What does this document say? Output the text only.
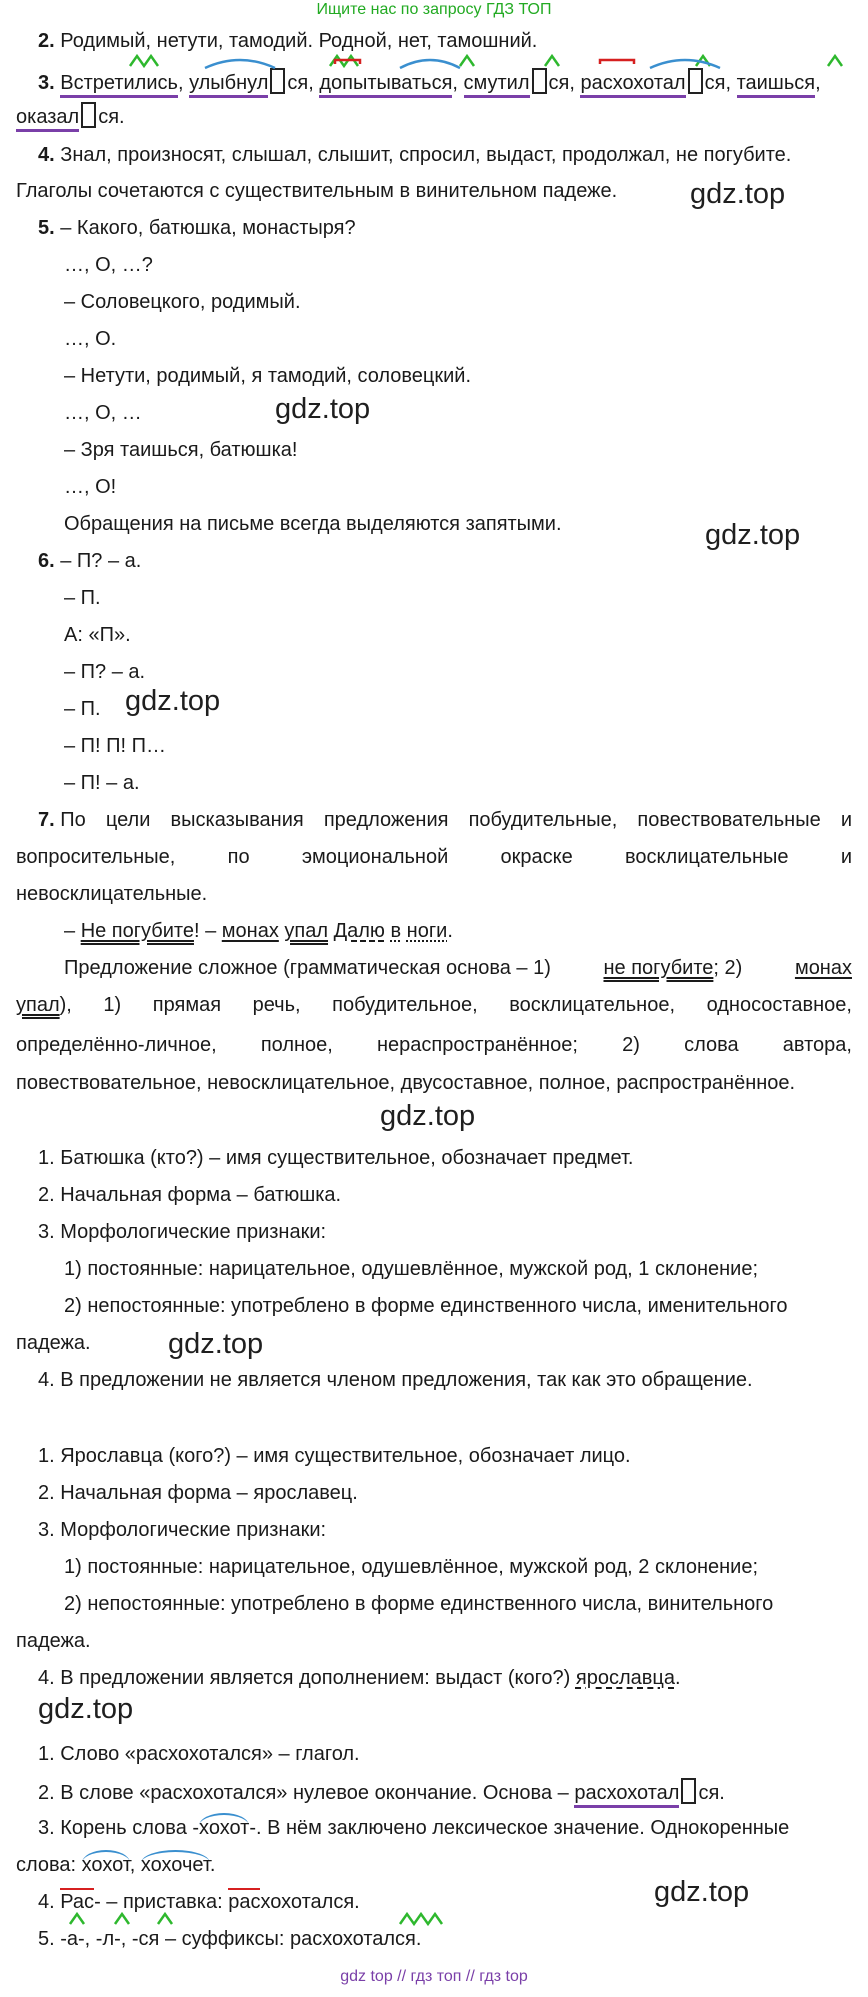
Ищите нас по запросу ГДЗ ТОП
2. Родимый, нетути, тамодий. Родной, нет, тамошний.
3. Встретились, улыбнул ся, допытываться, смутил ся, расхохотал ся, таишься,
оказал ся.
4. Знал, произносят, слышал, слышит, спросил, выдаст, продолжал, не погубите.
Глаголы сочетаются с существительным в винительном падеже.
5. – Какого, батюшка, монастыря?
…, О, …?
– Соловецкого, родимый.
…, О.
– Нетути, родимый, я тамодий, соловецкий.
…, О, …
– Зря таишься, батюшка!
…, О!
Обращения на письме всегда выделяются запятыми.
6. – П? – а.
– П.
А: «П».
– П? – а.
– П.
– П! П! П…
– П! – а.
7. По цели высказывания предложения побудительные, повествовательные и
вопросительные,	по	эмоциональной	окраске	восклицательные	и
невосклицательные.
– Не погубите! – монах упал Далю в ноги.
Предложение сложное (грамматическая основа – 1)	не погубите; 2)	монах
упал), 1) прямая речь, побудительное, восклицательное, односоставное,
определённо-личное, полное, нераспространённое; 2) слова автора,
повествовательное, невосклицательное, двусоставное, полное, распространённое.
1. Батюшка (кто?) – имя существительное, обозначает предмет.
2. Начальная форма – батюшка.
3. Морфологические признаки:
1) постоянные: нарицательное, одушевлённое, мужской род, 1 склонение;
2) непостоянные: употреблено в форме единственного числа, именительного
падежа.
4. В предложении не является членом предложения, так как это обращение.
1. Ярославца (кого?) – имя существительное, обозначает лицо.
2. Начальная форма – ярославец.
3. Морфологические признаки:
1) постоянные: нарицательное, одушевлённое, мужской род, 2 склонение;
2) непостоянные: употреблено в форме единственного числа, винительного
падежа.
4. В предложении является дополнением: выдаст (кого?) ярославца.
1. Слово «расхохотался» – глагол.
2. В слове «расхохотался» нулевое окончание. Основа – расхохотал ся.
3. Корень слова -хохот-. В нём заключено лексическое значение. Однокоренные
слова: хохот, хохочет.
4. Рас- – приставка: расхохотался.
5. -а-, -л-, -ся – суффиксы: расхохотался.
gdz.top
gdz.top
gdz.top
gdz.top
gdz.top
gdz.top
gdz.top
gdz.top
gdz top // гдз топ // гдз top
